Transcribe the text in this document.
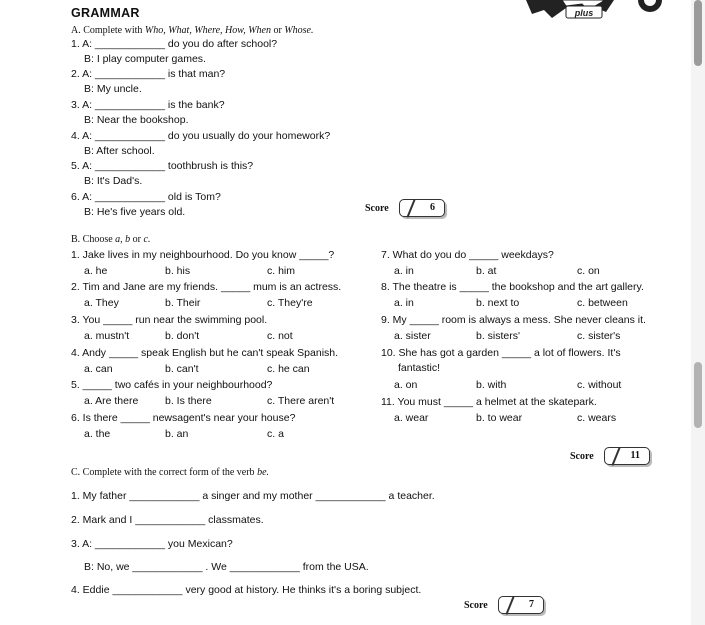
plus
GRAMMAR
A. Complete with Who, What, Where, How, When or Whose.
1. A: ____________ do you do after school?
B: I play computer games.
2. A: ____________ is that man?
B: My uncle.
3. A: ____________ is the bank?
B: Near the bookshop.
4. A: ____________ do you usually do your homework?
B: After school.
5. A: ____________ toothbrush is this?
B: It's Dad's.
6. A: ____________ old is Tom?
B: He's five years old.	Score	6
B. Choose a, b or c.
1. Jake lives in my neighbourhood. Do you know _____?
a. he	b. his	c. him
2. Tim and Jane are my friends. _____ mum is an actress.
a. They	b. Their	c. They're
3. You _____ run near the swimming pool.
a. mustn't	b. don't	c. not
4. Andy _____ speak English but he can't speak Spanish.
a. can	b. can't	c. he can
5. _____ two cafés in your neighbourhood?
a. Are there	b. Is there	c. There aren't
6. Is there _____ newsagent's near your house?
a. the	b. an	c. a
7. What do you do _____ weekdays?
a. in	b. at	c. on
8. The theatre is _____ the bookshop and the art gallery.
a. in	b. next to	c. between
9. My _____ room is always a mess. She never cleans it.
a. sister	b. sisters'	c. sister's
10. She has got a garden _____ a lot of flowers. It's
fantastic!
a. on	b. with	c. without
11. You must _____ a helmet at the skatepark.
a. wear	b. to wear	c. wears
Score	11
C. Complete with the correct form of the verb be.
1. My father ____________ a singer and my mother ____________ a teacher.
2. Mark and I ____________ classmates.
3. A: ____________ you Mexican?
B: No, we ____________ . We ____________ from the USA.
4. Eddie ____________ very good at history. He thinks it's a boring subject.
Score	7
